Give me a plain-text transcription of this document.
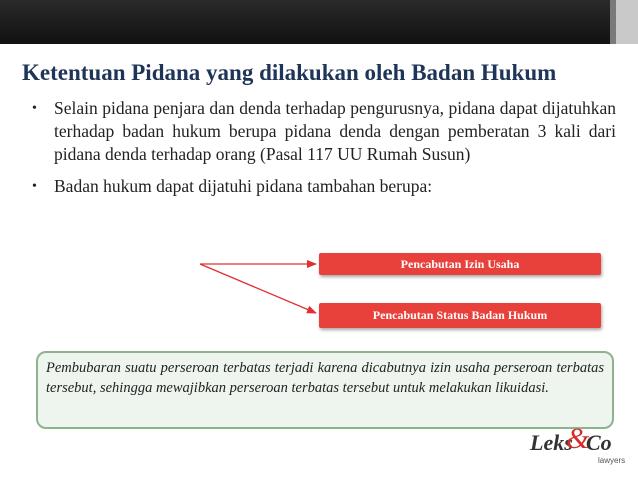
Ketentuan Pidana yang dilakukan oleh Badan Hukum
• Selain pidana penjara dan denda terhadap pengurusnya, pidana dapat dijatuhkan terhadap badan hukum berupa pidana denda dengan pemberatan 3 kali dari pidana denda terhadap orang (Pasal 117 UU Rumah Susun)
• Badan hukum dapat dijatuhi pidana tambahan berupa:
Pencabutan Izin Usaha
Pencabutan Status Badan Hukum
Pembubaran suatu perseroan terbatas terjadi karena dicabutnya izin usaha perseroan terbatas tersebut, sehingga mewajibkan perseroan terbatas tersebut untuk melakukan likuidasi.
Leks
&
Co
lawyers
